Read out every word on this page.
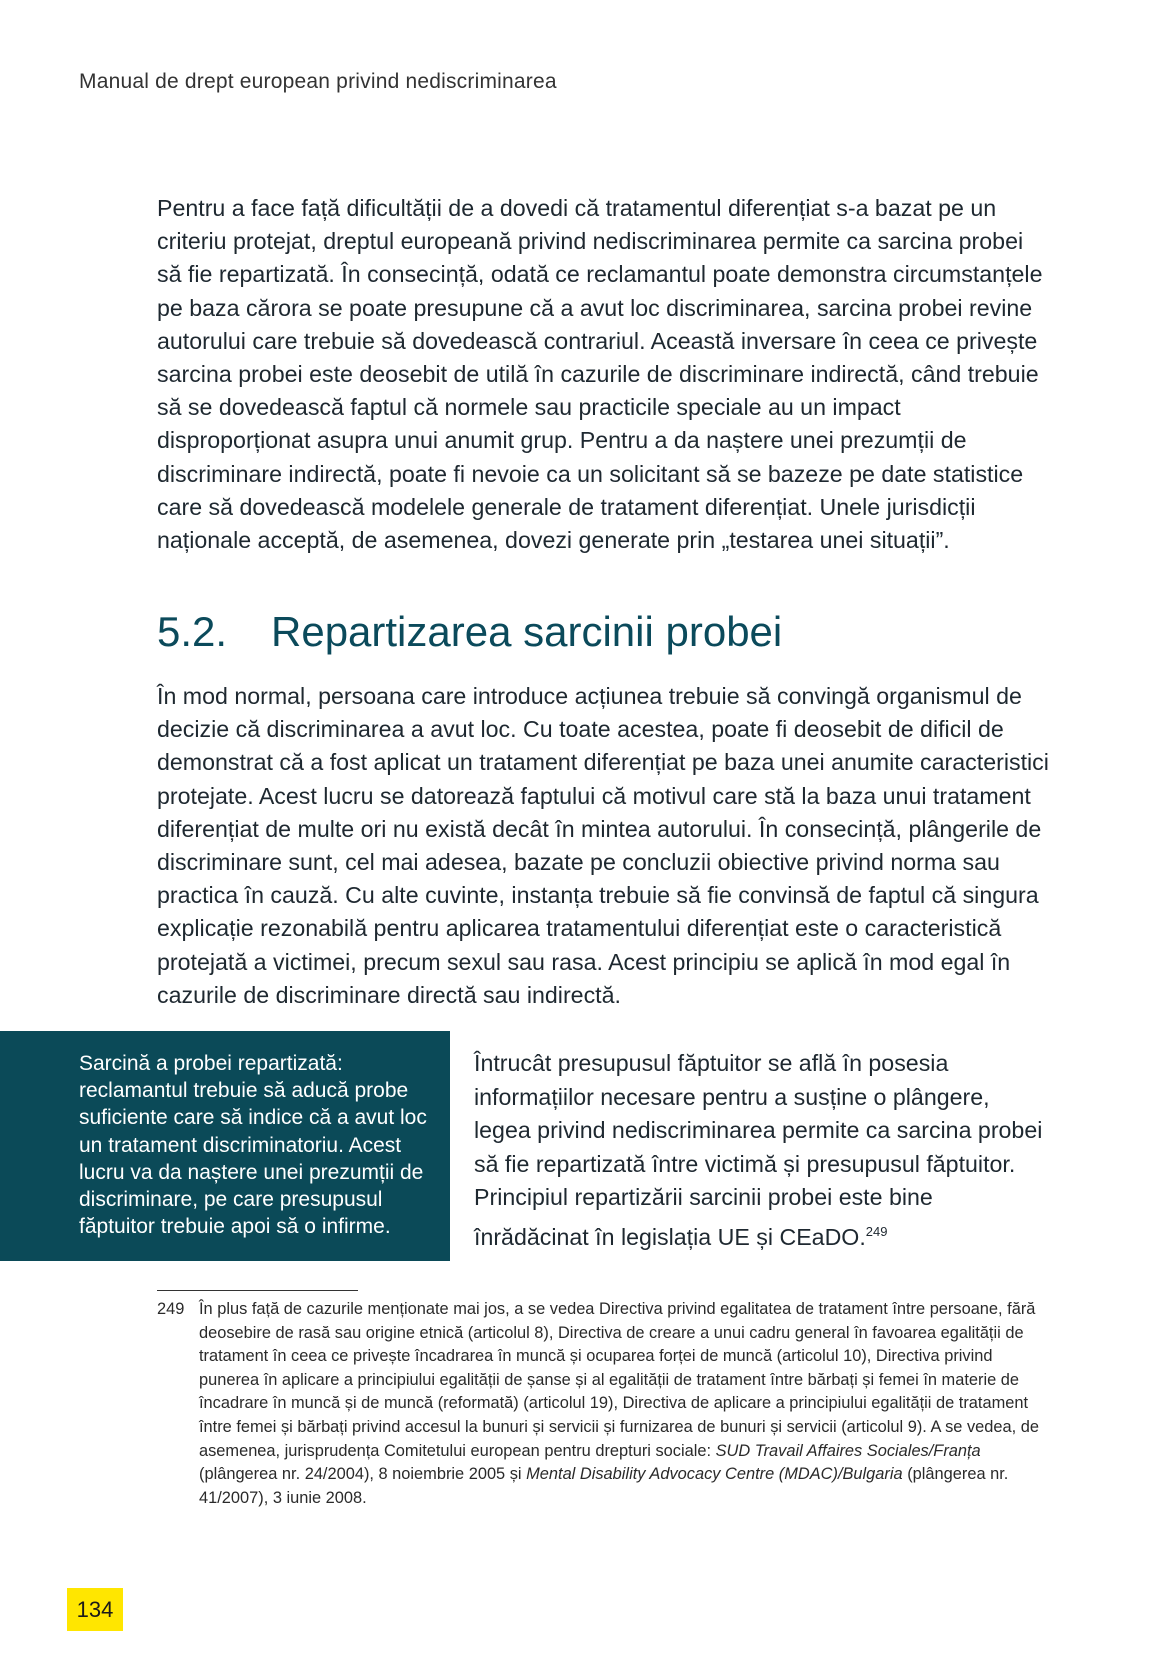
Manual de drept european privind nediscriminarea

Pentru a face față dificultății de a dovedi că tratamentul diferențiat s-a bazat pe un criteriu protejat, dreptul europeană privind nediscriminarea permite ca sarcina probei să fie repartizată. În consecință, odată ce reclamantul poate demonstra circumstanțele pe baza cărora se poate presupune că a avut loc discriminarea, sarcina probei revine autorului care trebuie să dovedească contrariul. Această inversare în ceea ce privește sarcina probei este deosebit de utilă în cazurile de discriminare indirectă, când trebuie să se dovedească faptul că normele sau practicile speciale au un impact disproporționat asupra unui anumit grup. Pentru a da naștere unei prezumții de discriminare indirectă, poate fi nevoie ca un solicitant să se bazeze pe date statistice care să dovedească modelele generale de tratament diferențiat. Unele jurisdicții naționale acceptă, de asemenea, dovezi generate prin „testarea unei situații”.

5.2.	Repartizarea sarcinii probei

În mod normal, persoana care introduce acțiunea trebuie să convingă organismul de decizie că discriminarea a avut loc. Cu toate acestea, poate fi deosebit de dificil de demonstrat că a fost aplicat un tratament diferențiat pe baza unei anumite caracteristici protejate. Acest lucru se datorează faptului că motivul care stă la baza unui tratament diferențiat de multe ori nu există decât în mintea autorului. În consecință, plângerile de discriminare sunt, cel mai adesea, bazate pe concluzii obiective privind norma sau practica în cauză. Cu alte cuvinte, instanța trebuie să fie convinsă de faptul că singura explicație rezonabilă pentru aplicarea tratamentului diferențiat este o caracteristică protejată a victimei, precum sexul sau rasa. Acest principiu se aplică în mod egal în cazurile de discriminare directă sau indirectă.

Sarcină a probei repartizată: reclamantul trebuie să aducă probe suficiente care să indice că a avut loc un tratament discriminatoriu. Acest lucru va da naștere unei prezumții de discriminare, pe care presupusul făptuitor trebuie apoi să o infirme.

Întrucât presupusul făptuitor se află în posesia informațiilor necesare pentru a susține o plângere, legea privind nediscriminarea permite ca sarcina probei să fie repartizată între victimă și presupusul făptuitor. Principiul repartizării sarcinii probei este bine înrădăcinat în legislația UE și CEaDO.$^{249}$

249 În plus față de cazurile menționate mai jos, a se vedea Directiva privind egalitatea de tratament între persoane, fără deosebire de rasă sau origine etnică (articolul 8), Directiva de creare a unui cadru general în favoarea egalității de tratament în ceea ce privește încadrarea în muncă și ocuparea forței de muncă (articolul 10), Directiva privind punerea în aplicare a principiului egalității de șanse și al egalității de tratament între bărbați și femei în materie de încadrare în muncă și de muncă (reformată) (articolul 19), Directiva de aplicare a principiului egalității de tratament între femei și bărbați privind accesul la bunuri și servicii și furnizarea de bunuri și servicii (articolul 9). A se vedea, de asemenea, jurisprudența Comitetului european pentru drepturi sociale: SUD Travail Affaires Sociales/Franța (plângerea nr. 24/2004), 8 noiembrie 2005 și Mental Disability Advocacy Centre (MDAC)/Bulgaria (plângerea nr. 41/2007), 3 iunie 2008.
134
